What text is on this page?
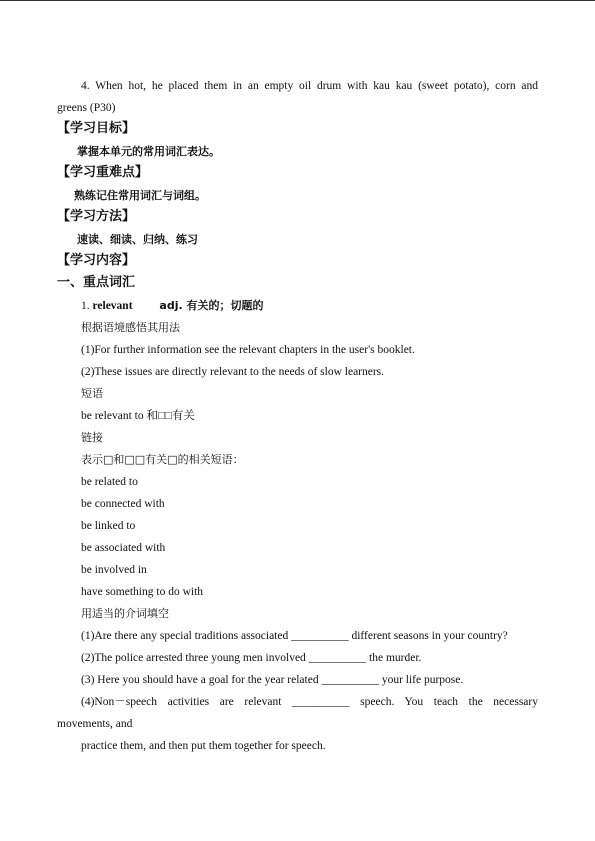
4. When hot, he placed them in an empty oil drum with kau kau (sweet potato), corn and
greens (P30)
【学习目标】
掌握本单元的常用词汇表达。
【学习重难点】
熟练记住常用词汇与词组。
【学习方法】
速读、细读、归纳、练习
【学习内容】
一、重点词汇
1. relevant adj. 有关的；切题的
根据语境感悟其用法
(1)For further information see the relevant chapters in the user's booklet.
(2)These issues are directly relevant to the needs of slow learners.
短语
be relevant to 和□□有关
链接
表示□和□□有关□的相关短语：
be related to
be connected with
be linked to
be associated with
be involved in
have something to do with
用适当的介词填空
(1)Are there any special traditions associated __________ different seasons in your country?
(2)The police arrested three young men involved __________ the murder.
(3) Here you should have a goal for the year related __________ your life purpose.
(4)Non－speech activities are relevant __________ speech. You teach the necessary
movements, and
practice them, and then put them together for speech.
